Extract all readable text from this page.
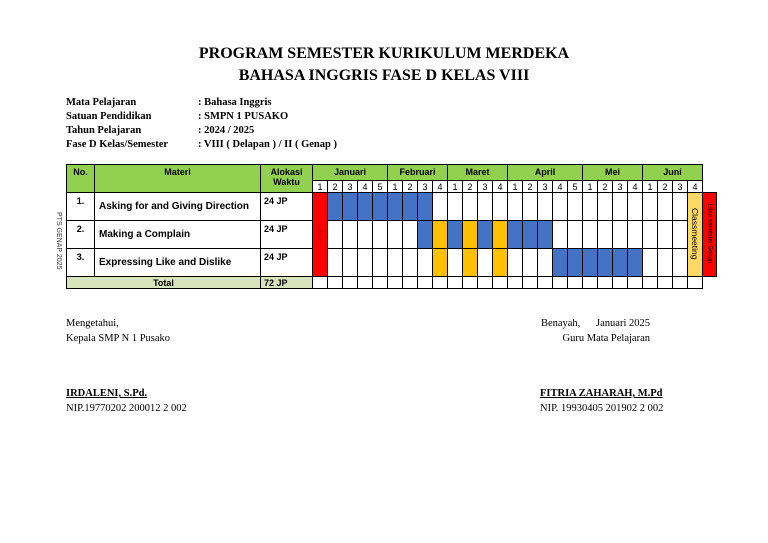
PROGRAM SEMESTER KURIKULUM MERDEKA
BAHASA INGGRIS FASE D KELAS VIII
Mata Pelajaran	: Bahasa Inggris
Satuan Pendidikan	: SMPN 1 PUSAKO
Tahun Pelajaran	: 2024 / 2025
Fase D Kelas/Semester	: VIII ( Delapan ) / II ( Genap )
PTS GENAP 2025
No.	Materi	Alokasi Waktu	Januari					Februari				Maret				April					Mei				Juni				
			1	2	3	4	5	1	2	3	4	1	2	3	4	1	2	3	4	5	1	2	3	4	1	2	3	4	
1.	Asking for and Giving Direction	24 JP	Libur																									Classmeeting	Libur semester Genap
2.	Making a Complain	24 JP																											
3.	Expressing Like and Dislike	24 JP																											
Total		72 JP																											
Mengetahui,
Kepala SMP N 1 Pusako
IRDALENI, S.Pd.
NIP.19770202 200012 2 002
Benayah,      Januari 2025
Guru Mata Pelajaran
FITRIA ZAHARAH, M.Pd
NIP. 19930405 201902 2 002
